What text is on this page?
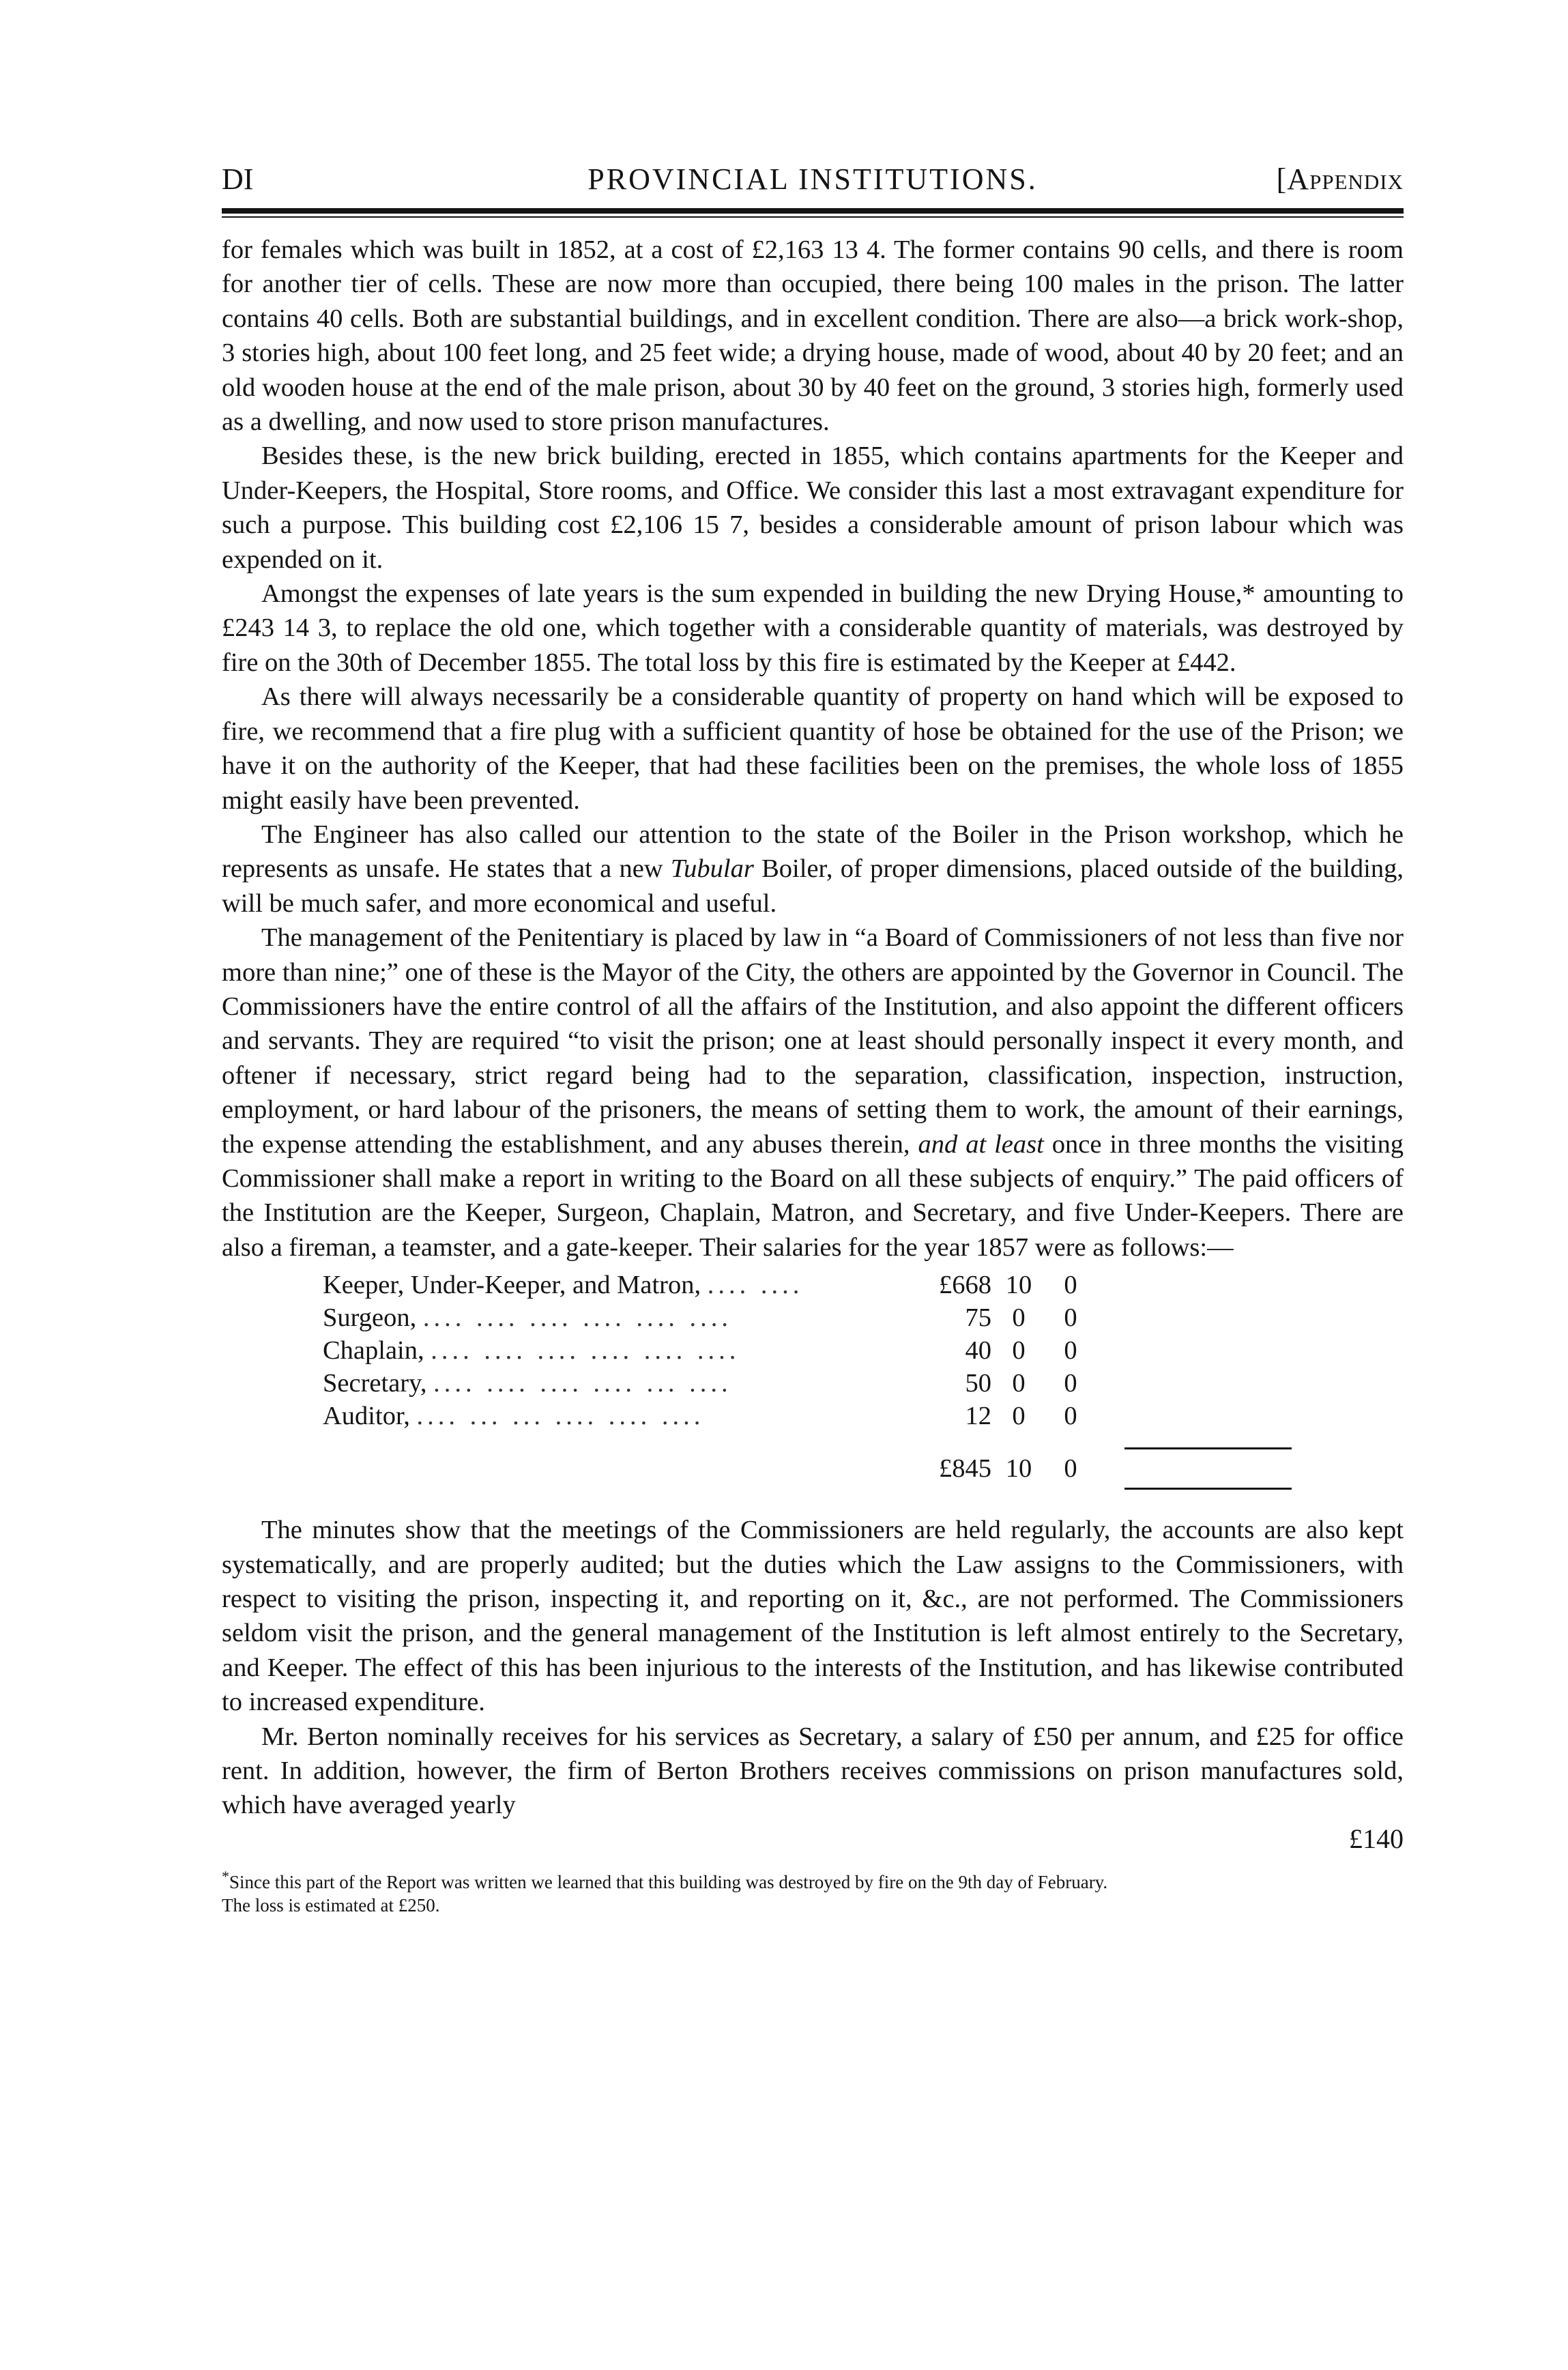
DI	PROVINCIAL INSTITUTIONS.	[Appendix

for females which was built in 1852, at a cost of £2,163 13 4. The former contains 90 cells, and there is room for another tier of cells. These are now more than occupied, there being 100 males in the prison. The latter contains 40 cells. Both are substantial buildings, and in excellent condition. There are also—a brick work-shop, 3 stories high, about 100 feet long, and 25 feet wide; a drying house, made of wood, about 40 by 20 feet; and an old wooden house at the end of the male prison, about 30 by 40 feet on the ground, 3 stories high, formerly used as a dwelling, and now used to store prison manufactures.

Besides these, is the new brick building, erected in 1855, which contains apartments for the Keeper and Under-Keepers, the Hospital, Store rooms, and Office. We consider this last a most extravagant expenditure for such a purpose. This building cost £2,106 15 7, besides a considerable amount of prison labour which was expended on it.

Amongst the expenses of late years is the sum expended in building the new Drying House,* amounting to £243 14 3, to replace the old one, which together with a considerable quantity of materials, was destroyed by fire on the 30th of December 1855. The total loss by this fire is estimated by the Keeper at £442.

As there will always necessarily be a considerable quantity of property on hand which will be exposed to fire, we recommend that a fire plug with a sufficient quantity of hose be obtained for the use of the Prison; we have it on the authority of the Keeper, that had these facilities been on the premises, the whole loss of 1855 might easily have been prevented.

The Engineer has also called our attention to the state of the Boiler in the Prison workshop, which he represents as unsafe. He states that a new Tubular Boiler, of proper dimensions, placed outside of the building, will be much safer, and more economical and useful.

The management of the Penitentiary is placed by law in “a Board of Commissioners of not less than five nor more than nine;” one of these is the Mayor of the City, the others are appointed by the Governor in Council. The Commissioners have the entire control of all the affairs of the Institution, and also appoint the different officers and servants. They are required “to visit the prison; one at least should personally inspect it every month, and oftener if necessary, strict regard being had to the separation, classification, inspection, instruction, employment, or hard labour of the prisoners, the means of setting them to work, the amount of their earnings, the expense attending the establishment, and any abuses therein, and at least once in three months the visiting Commissioner shall make a report in writing to the Board on all these subjects of enquiry.” The paid officers of the Institution are the Keeper, Surgeon, Chaplain, Matron, and Secretary, and five Under-Keepers. There are also a fireman, a teamster, and a gate-keeper. Their salaries for the year 1857 were as follows:—

Keeper, Under-Keeper, and Matron, .... ....	£668 10	0
Surgeon, .... .... .... .... .... ....	75 0	0
Chaplain, .... .... .... .... .... ....	40 0	0
Secretary, .... .... .... .... ... ....	50 0	0
Auditor, .... ... ... .... .... ....	12 0	0
£845 10	0

The minutes show that the meetings of the Commissioners are held regularly, the accounts are also kept systematically, and are properly audited; but the duties which the Law assigns to the Commissioners, with respect to visiting the prison, inspecting it, and reporting on it, &c., are not performed. The Commissioners seldom visit the prison, and the general management of the Institution is left almost entirely to the Secretary, and Keeper. The effect of this has been injurious to the interests of the Institution, and has likewise contributed to increased expenditure.

Mr. Berton nominally receives for his services as Secretary, a salary of £50 per annum, and £25 for office rent. In addition, however, the firm of Berton Brothers receives commissions on prison manufactures sold, which have averaged yearly

£140

*Since this part of the Report was written we learned that this building was destroyed by fire on the 9th day of February.

The loss is estimated at £250.
